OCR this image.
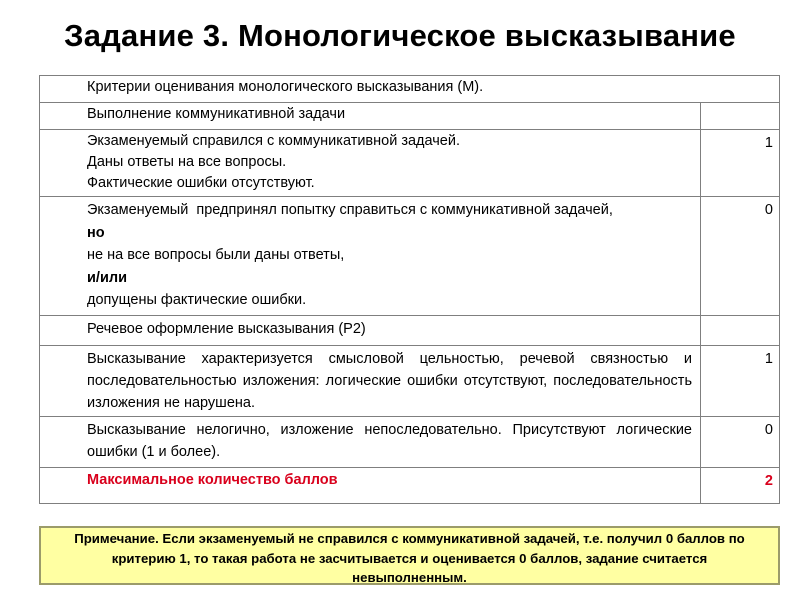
Задание 3. Монологическое высказывание
Критерии оценивания монологического высказывания (М).	
Выполнение коммуникативной задачи	

Экзаменуемый справился с коммуникативной задачей.
Даны ответы на все вопросы.
Фактические ошибки отсутствуют.	1

Экзаменуемый  предпринял попытку справиться с коммуникативной задачей,
но
не на все вопросы были даны ответы,
и/или
допущены фактические ошибки.	0
Речевое оформление высказывания (Р2)	
Высказывание характеризуется смысловой цельностью, речевой связностью и последовательностью изложения: логические ошибки отсутствуют, последовательность изложения не нарушена.	1
Высказывание нелогично, изложение непоследовательно. Присутствуют логические ошибки (1 и более).	0
Максимальное количество баллов	2
Примечание. Если экзаменуемый не справился с коммуникативной задачей, т.е. получил 0 баллов по критерию 1, то такая работа не засчитывается и оценивается 0 баллов, задание считается невыполненным.
